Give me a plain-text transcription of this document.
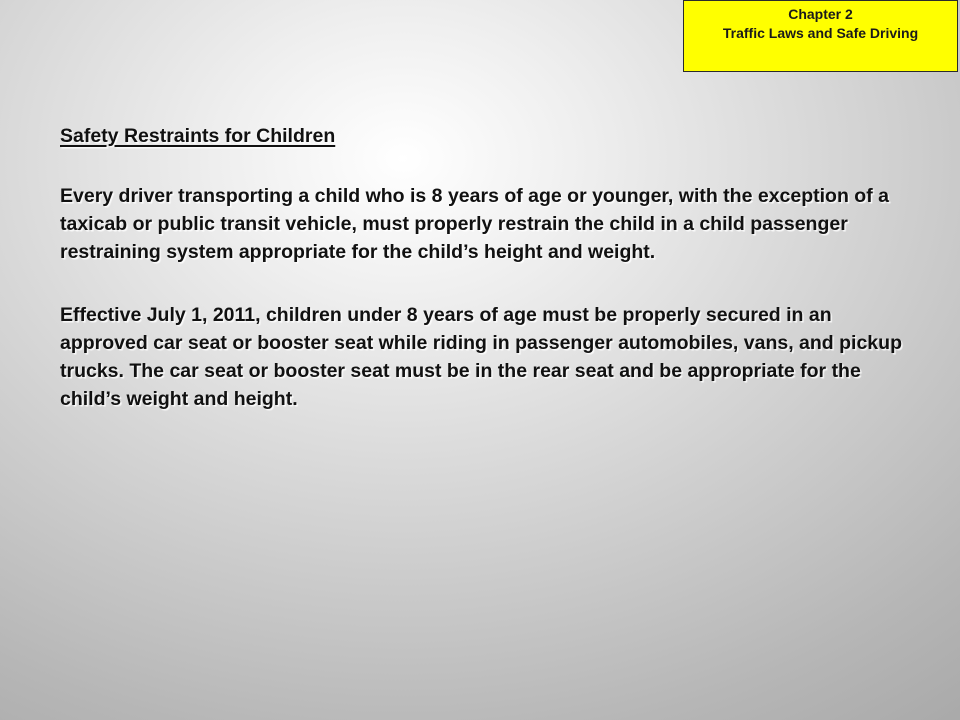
Chapter 2
Traffic Laws and Safe Driving

Safety Restraints for Children

Every driver transporting a child who is 8 years of age or younger, with the exception of a taxicab or public transit vehicle, must properly restrain the child in a child passenger restraining system appropriate for the child’s height and weight.

Effective July 1, 2011, children under 8 years of age must be properly secured in an approved car seat or booster seat while riding in passenger automobiles, vans, and pickup trucks. The car seat or booster seat must be in the rear seat and be appropriate for the child’s weight and height.
